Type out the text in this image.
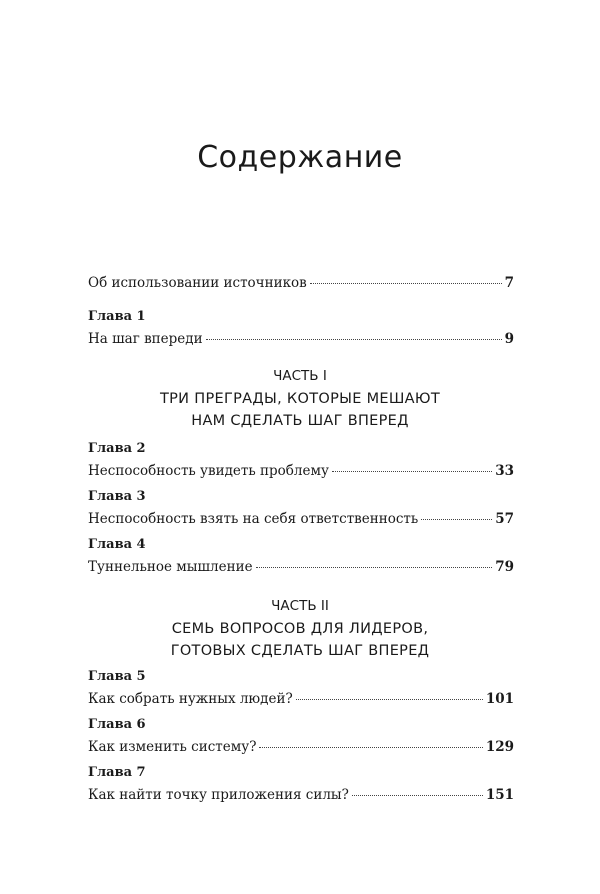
Содержание
Об использовании источников	7
Глава 1
На шаг впереди	9
ЧАСТЬ I
ТРИ ПРЕГРАДЫ, КОТОРЫЕ МЕШАЮТ
НАМ СДЕЛАТЬ ШАГ ВПЕРЕД
Глава 2
Неспособность увидеть проблему	33
Глава 3
Неспособность взять на себя ответственность	57
Глава 4
Туннельное мышление	79
ЧАСТЬ II
СЕМЬ ВОПРОСОВ ДЛЯ ЛИДЕРОВ,
ГОТОВЫХ СДЕЛАТЬ ШАГ ВПЕРЕД
Глава 5
Как собрать нужных людей?	101
Глава 6
Как изменить систему?	129
Глава 7
Как найти точку приложения силы?	151
